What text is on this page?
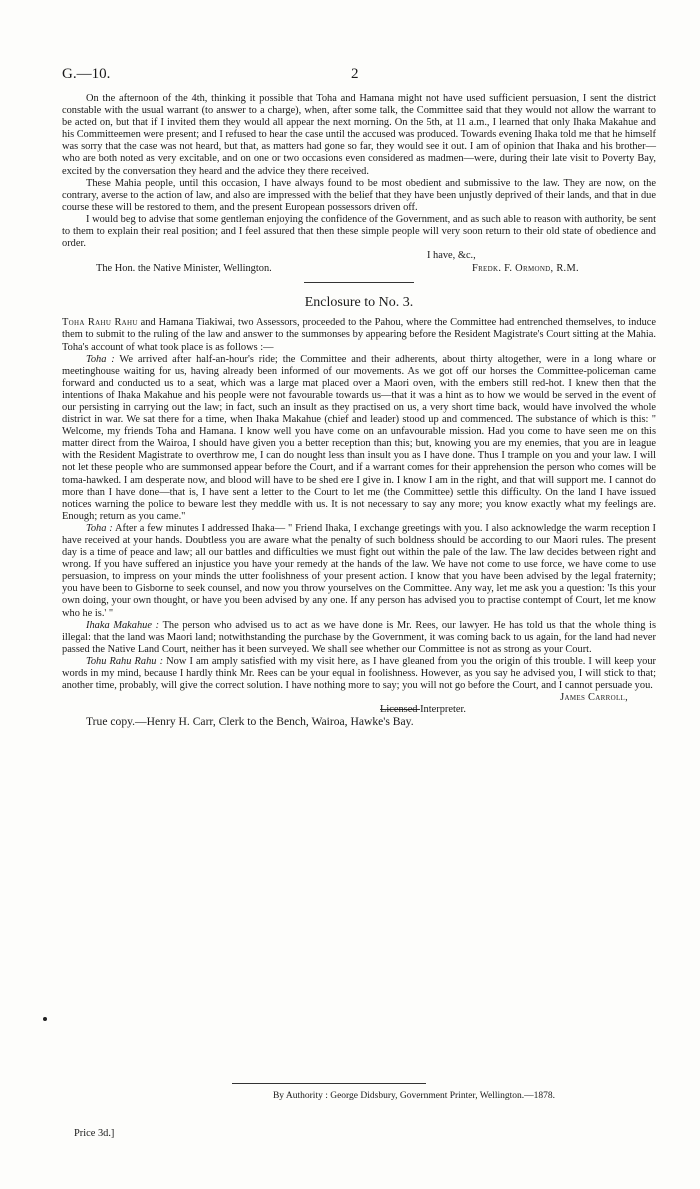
G.—10.	2

On the afternoon of the 4th, thinking it possible that Toha and Hamana might not have used sufficient persuasion, I sent the district constable with the usual warrant (to answer to a charge), when, after some talk, the Committee said that they would not allow the warrant to be acted on, but that if I invited them they would all appear the next morning. On the 5th, at 11 a.m., I learned that only Ihaka Makahue and his Committeemen were present; and I refused to hear the case until the accused was produced. Towards evening Ihaka told me that he himself was sorry that the case was not heard, but that, as matters had gone so far, they would see it out. I am of opinion that Ihaka and his brother—who are both noted as very excitable, and on one or two occasions even considered as madmen—were, during their late visit to Poverty Bay, excited by the conversation they heard and the advice they there received.

These Mahia people, until this occasion, I have always found to be most obedient and submissive to the law. They are now, on the contrary, averse to the action of law, and also are impressed with the belief that they have been unjustly deprived of their lands, and that in due course these will be restored to them, and the present European possessors driven off.

I would beg to advise that some gentleman enjoying the confidence of the Government, and as such able to reason with authority, be sent to them to explain their real position; and I feel assured that then these simple people will very soon return to their old state of obedience and order.

I have, &c.,
The Hon. the Native Minister, Wellington.	Fredk. F. Ormond, R.M.
Enclosure to No. 3.

Toha Rahu Rahu and Hamana Tiakiwai, two Assessors, proceeded to the Pahou, where the Committee had entrenched themselves, to induce them to submit to the ruling of the law and answer to the summonses by appearing before the Resident Magistrate's Court sitting at the Mahia. Toha's account of what took place is as follows :—

Toha : We arrived after half-an-hour's ride; the Committee and their adherents, about thirty altogether, were in a long whare or meetinghouse waiting for us, having already been informed of our movements. As we got off our horses the Committee-policeman came forward and conducted us to a seat, which was a large mat placed over a Maori oven, with the embers still red-hot. I knew then that the intentions of Ihaka Makahue and his people were not favourable towards us—that it was a hint as to how we would be served in the event of our persisting in carrying out the law; in fact, such an insult as they practised on us, a very short time back, would have involved the whole district in war. We sat there for a time, when Ihaka Makahue (chief and leader) stood up and commenced. The substance of which is this: " Welcome, my friends Toha and Hamana. I know well you have come on an unfavourable mission. Had you come to have seen me on this matter direct from the Wairoa, I should have given you a better reception than this; but, knowing you are my enemies, that you are in league with the Resident Magistrate to overthrow me, I can do nought less than insult you as I have done. Thus I trample on you and your law. I will not let these people who are summonsed appear before the Court, and if a warrant comes for their apprehension the person who comes will be toma-hawked. I am desperate now, and blood will have to be shed ere I give in. I know I am in the right, and that will support me. I cannot do more than I have done—that is, I have sent a letter to the Court to let me (the Committee) settle this difficulty. On the land I have issued notices warning the police to beware lest they meddle with us. It is not necessary to say any more; you know exactly what my feelings are. Enough; return as you came."

Toha : After a few minutes I addressed Ihaka— " Friend Ihaka, I exchange greetings with you. I also acknowledge the warm reception I have received at your hands. Doubtless you are aware what the penalty of such boldness should be according to our Maori rules. The present day is a time of peace and law; all our battles and difficulties we must fight out within the pale of the law. The law decides between right and wrong. If you have suffered an injustice you have your remedy at the hands of the law. We have not come to use force, we have come to use persuasion, to impress on your minds the utter foolishness of your present action. I know that you have been advised by the legal fraternity; you have been to Gisborne to seek counsel, and now you throw yourselves on the Committee. Any way, let me ask you a question: 'Is this your own doing, your own thought, or have you been advised by any one. If any person has advised you to practise contempt of Court, let me know who he is.' "

Ihaka Makahue : The person who advised us to act as we have done is Mr. Rees, our lawyer. He has told us that the whole thing is illegal: that the land was Maori land; notwithstanding the purchase by the Government, it was coming back to us again, for the land had never passed the Native Land Court, neither has it been surveyed. We shall see whether our Committee is not as strong as your Court.

Tohu Rahu Rahu : Now I am amply satisfied with my visit here, as I have gleaned from you the origin of this trouble. I will keep your words in my mind, because I hardly think Mr. Rees can be your equal in foolishness. However, as you say he advised you, I will stick to that; another time, probably, will give the correct solution. I have nothing more to say; you will not go before the Court, and I cannot persuade you.

James Carroll,

Licensed Interpreter.

True copy.—Henry H. Carr, Clerk to the Bench, Wairoa, Hawke's Bay.

By Authority : George Didsbury, Government Printer, Wellington.—1878.
Price 3d.]
